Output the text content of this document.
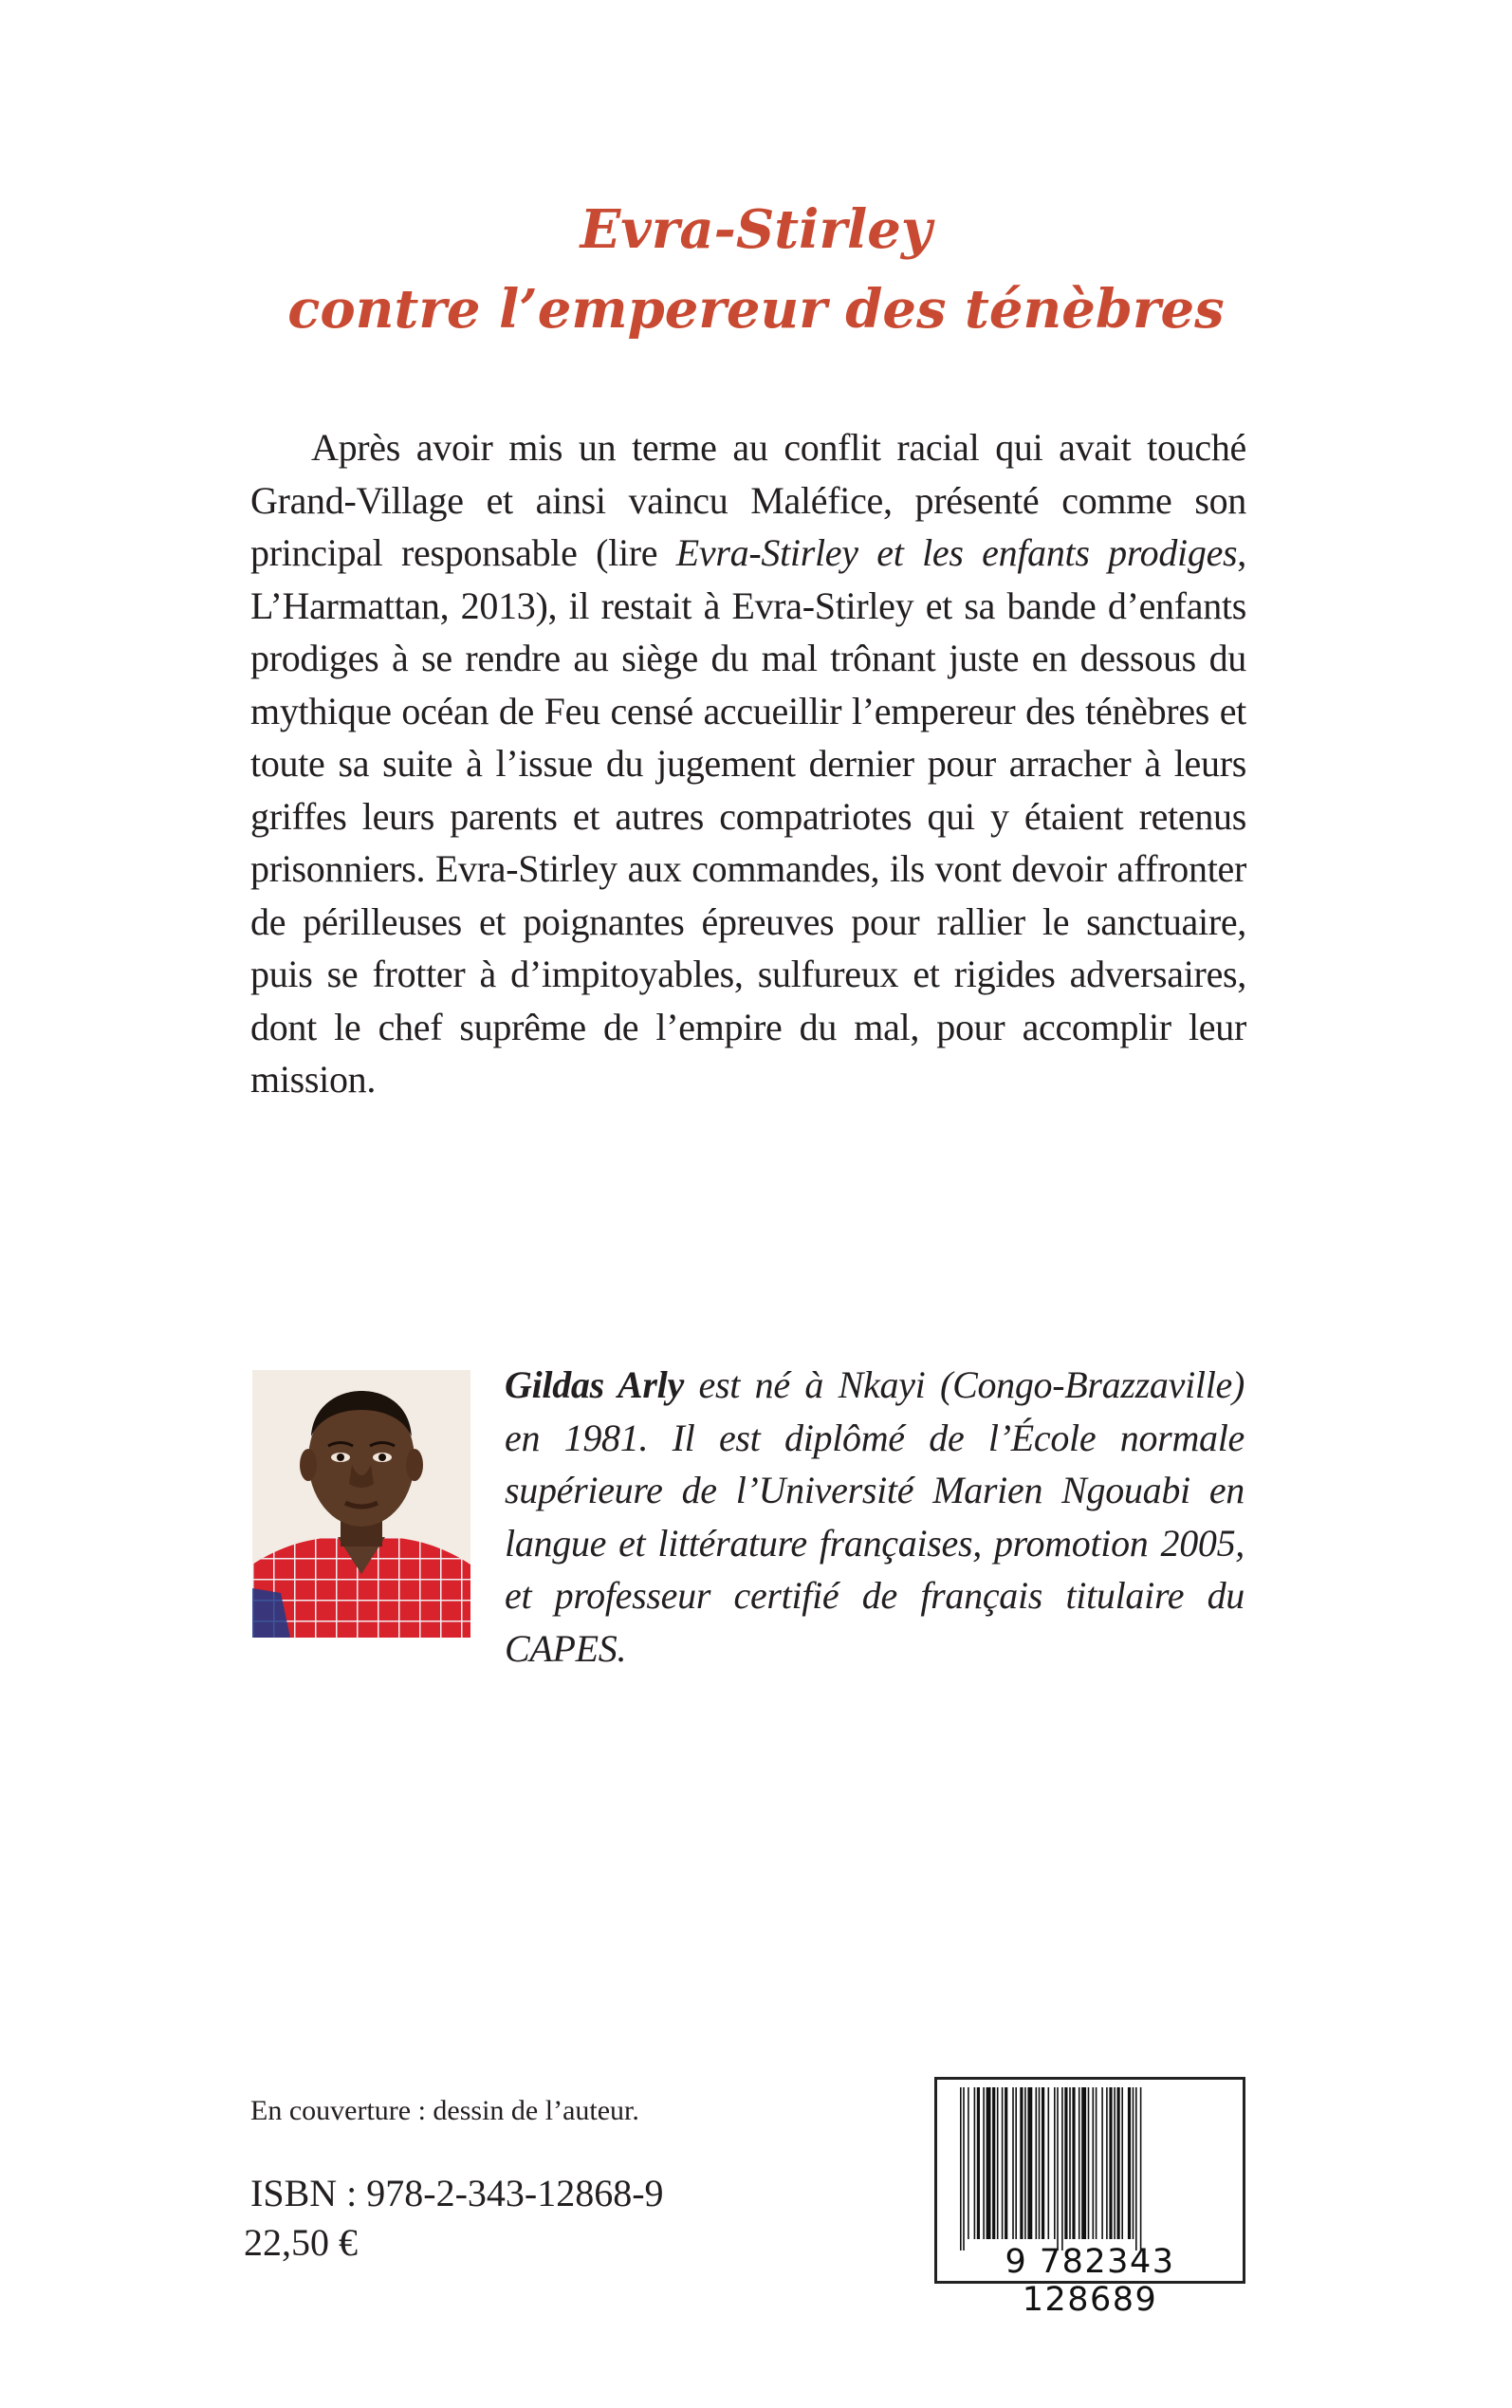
Evra-Stirley
contre l’empereur des ténèbres

Après avoir mis un terme au conflit racial qui avait touché Grand-Village et ainsi vaincu Maléfice, présenté comme son principal responsable (lire Evra-Stirley et les enfants prodiges, L’Harmattan, 2013), il restait à Evra-Stirley et sa bande d’enfants prodiges à se rendre au siège du mal trônant juste en dessous du mythique océan de Feu censé accueillir l’empereur des ténèbres et toute sa suite à l’issue du jugement dernier pour arracher à leurs griffes leurs parents et autres compatriotes qui y étaient retenus prisonniers. Evra-Stirley aux commandes, ils vont devoir affronter de périlleuses et poignantes épreuves pour rallier le sanctuaire, puis se frotter à d’impitoyables, sulfureux et rigides adversaires, dont le chef suprême de l’empire du mal, pour accomplir leur mission.

Gildas Arly est né à Nkayi (Congo-Brazzaville) en 1981. Il est diplômé de l’École normale supérieure de l’Université Marien Ngouabi en langue et littérature françaises, promotion 2005, et professeur certifié de français titulaire du CAPES.

En couverture : dessin de l’auteur.

ISBN : 978-2-343-12868-9

22,50 €	9 782343 128689
